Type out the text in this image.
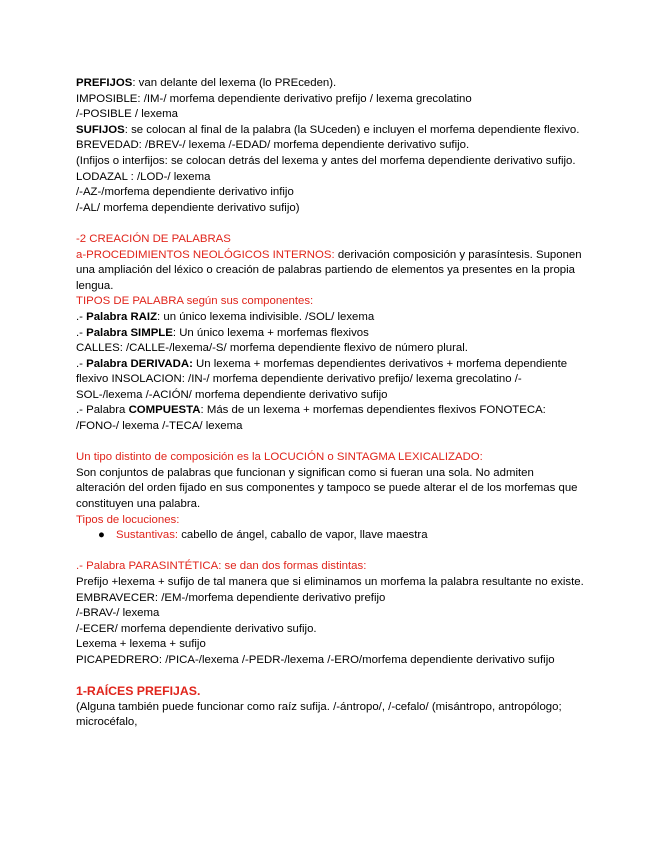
PREFIJOS: van delante del lexema (lo PREceden).

IMPOSIBLE: /IM-/ morfema dependiente derivativo prefijo / lexema grecolatino

/-POSIBLE / lexema

SUFIJOS: se colocan al final de la palabra (la SUceden) e incluyen el morfema dependiente flexivo.

BREVEDAD: /BREV-/ lexema /-EDAD/ morfema dependiente derivativo sufijo.

(Infijos o interfijos: se colocan detrás del lexema y antes del morfema dependiente derivativo sufijo. LODAZAL : /LOD-/ lexema

/-AZ-/morfema dependiente derivativo infijo

/-AL/ morfema dependiente derivativo sufijo)

-2 CREACIÓN DE PALABRAS

a-PROCEDIMIENTOS NEOLÓGICOS INTERNOS: derivación composición y parasíntesis. Suponen una ampliación del léxico o creación de palabras partiendo de elementos ya presentes en la propia lengua.

TIPOS DE PALABRA según sus componentes:

.- Palabra RAIZ: un único lexema indivisible. /SOL/ lexema

.- Palabra SIMPLE: Un único lexema + morfemas flexivos

CALLES: /CALLE-/lexema/-S/ morfema dependiente flexivo de número plural.

.- Palabra DERIVADA: Un lexema + morfemas dependientes derivativos + morfema dependiente flexivo INSOLACION: /IN-/ morfema dependiente derivativo prefijo/ lexema grecolatino /-SOL-/lexema /-ACIÓN/ morfema dependiente derivativo sufijo

.- Palabra COMPUESTA: Más de un lexema + morfemas dependientes flexivos FONOTECA: /FONO-/ lexema /-TECA/ lexema

Un tipo distinto de composición es la LOCUCIÓN o SINTAGMA LEXICALIZADO:

Son conjuntos de palabras que funcionan y significan como si fueran una sola. No admiten alteración del orden fijado en sus componentes y tampoco se puede alterar el de los morfemas que constituyen una palabra.

Tipos de locuciones:

● Sustantivas: cabello de ángel, caballo de vapor, llave maestra

.- Palabra PARASINTÉTICA: se dan dos formas distintas:

Prefijo +lexema + sufijo de tal manera que si eliminamos un morfema la palabra resultante no existe.

EMBRAVECER: /EM-/morfema dependiente derivativo prefijo

/-BRAV-/ lexema

/-ECER/ morfema dependiente derivativo sufijo.

Lexema + lexema + sufijo

PICAPEDRERO: /PICA-/lexema /-PEDR-/lexema /-ERO/morfema dependiente derivativo sufijo

1-RAÍCES PREFIJAS.

(Alguna también puede funcionar como raíz sufija. /-ántropo/, /-cefalo/ (misántropo, antropólogo; microcéfalo,
